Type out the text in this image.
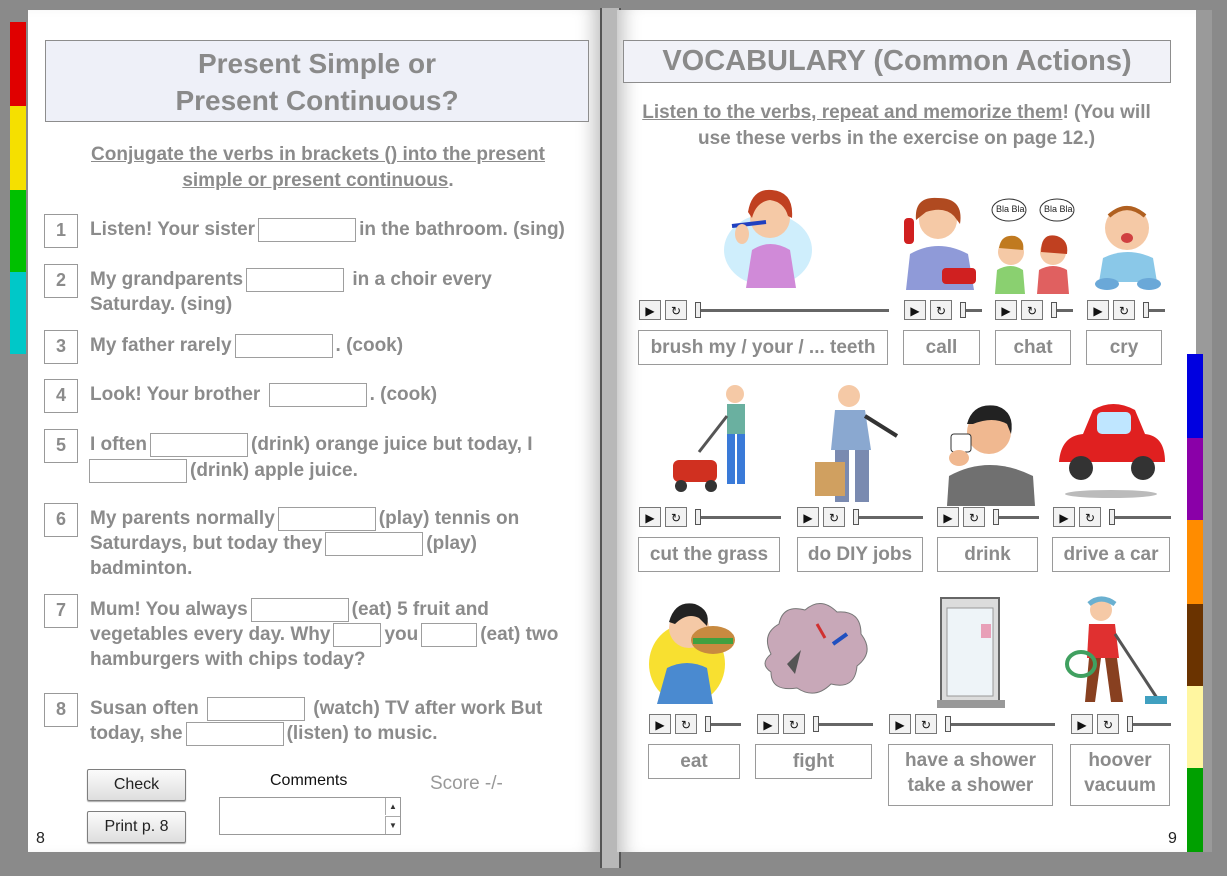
Present Simple or
Present Continuous?
Conjugate the verbs in brackets () into the present
simple or present continuous.
1	Listen! Your sister	in the bathroom. (sing)
2	My grandparents	in a choir every
Saturday. (sing)
3	My father rarely	. (cook)
4	Look! Your brother	. (cook)
5	I often	(drink) orange juice but today, I
(drink) apple juice.
6	My parents normally	(play) tennis on
Saturdays, but today they	(play)
badminton.
7	Mum! You always	(eat) 5 fruit and
vegetables every day. Why	you	(eat) two
hamburgers with chips today?
8	Susan often	(watch) TV after work But
today, she	(listen) to music.
Check
Print p. 8
Comments
▲
▼
Score -/-
8
VOCABULARY (Common Actions)
Listen to the verbs, repeat and memorize them! (You will
use these verbs in the exercise on page 12.)
Bla Bla Bla Bla
▶	↻	▶	↻	▶	↻	▶	↻
brush my / your / ... teeth	call	chat	cry
▶	↻	▶	↻	▶	↻	▶	↻
cut the grass	do DIY jobs	drink	drive a car
▶	↻	▶	↻	▶	↻	▶	↻
eat	fight	have a shower
take a shower
hoover
vacuum
9
